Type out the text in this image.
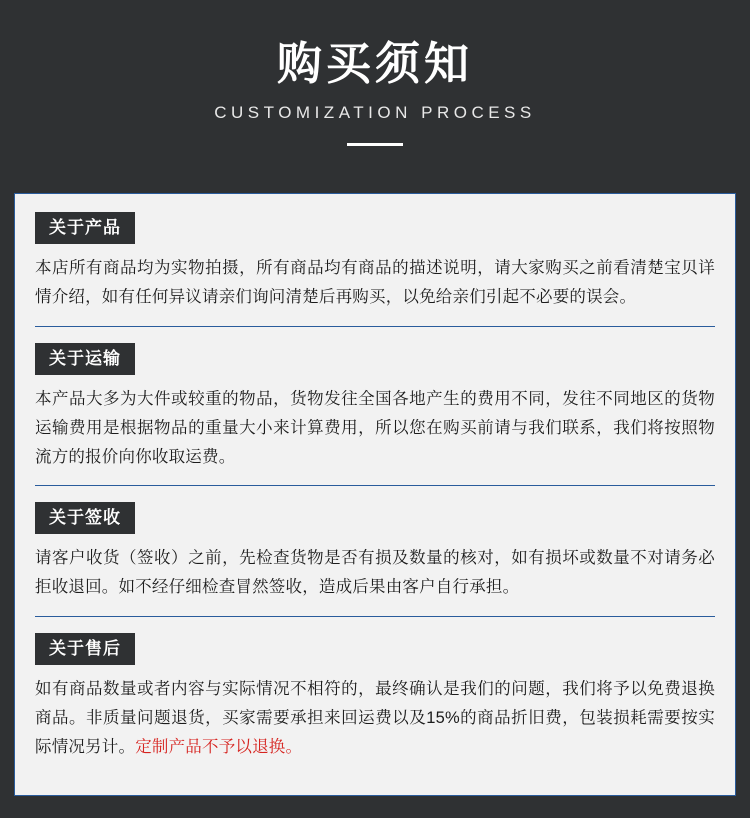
购买须知
CUSTOMIZATION PROCESS
关于产品
本店所有商品均为实物拍摄，所有商品均有商品的描述说明，请大家购买之前看清楚宝贝详情介绍，如有任何异议请亲们询问清楚后再购买，以免给亲们引起不必要的误会。
关于运输
本产品大多为大件或较重的物品，货物发往全国各地产生的费用不同，发往不同地区的货物运输费用是根据物品的重量大小来计算费用，所以您在购买前请与我们联系，我们将按照物流方的报价向你收取运费。
关于签收
请客户收货（签收）之前，先检查货物是否有损及数量的核对，如有损坏或数量不对请务必拒收退回。如不经仔细检查冒然签收，造成后果由客户自行承担。
关于售后
如有商品数量或者内容与实际情况不相符的，最终确认是我们的问题，我们将予以免费退换商品。非质量问题退货，买家需要承担来回运费以及15%的商品折旧费，包装损耗需要按实际情况另计。定制产品不予以退换。
